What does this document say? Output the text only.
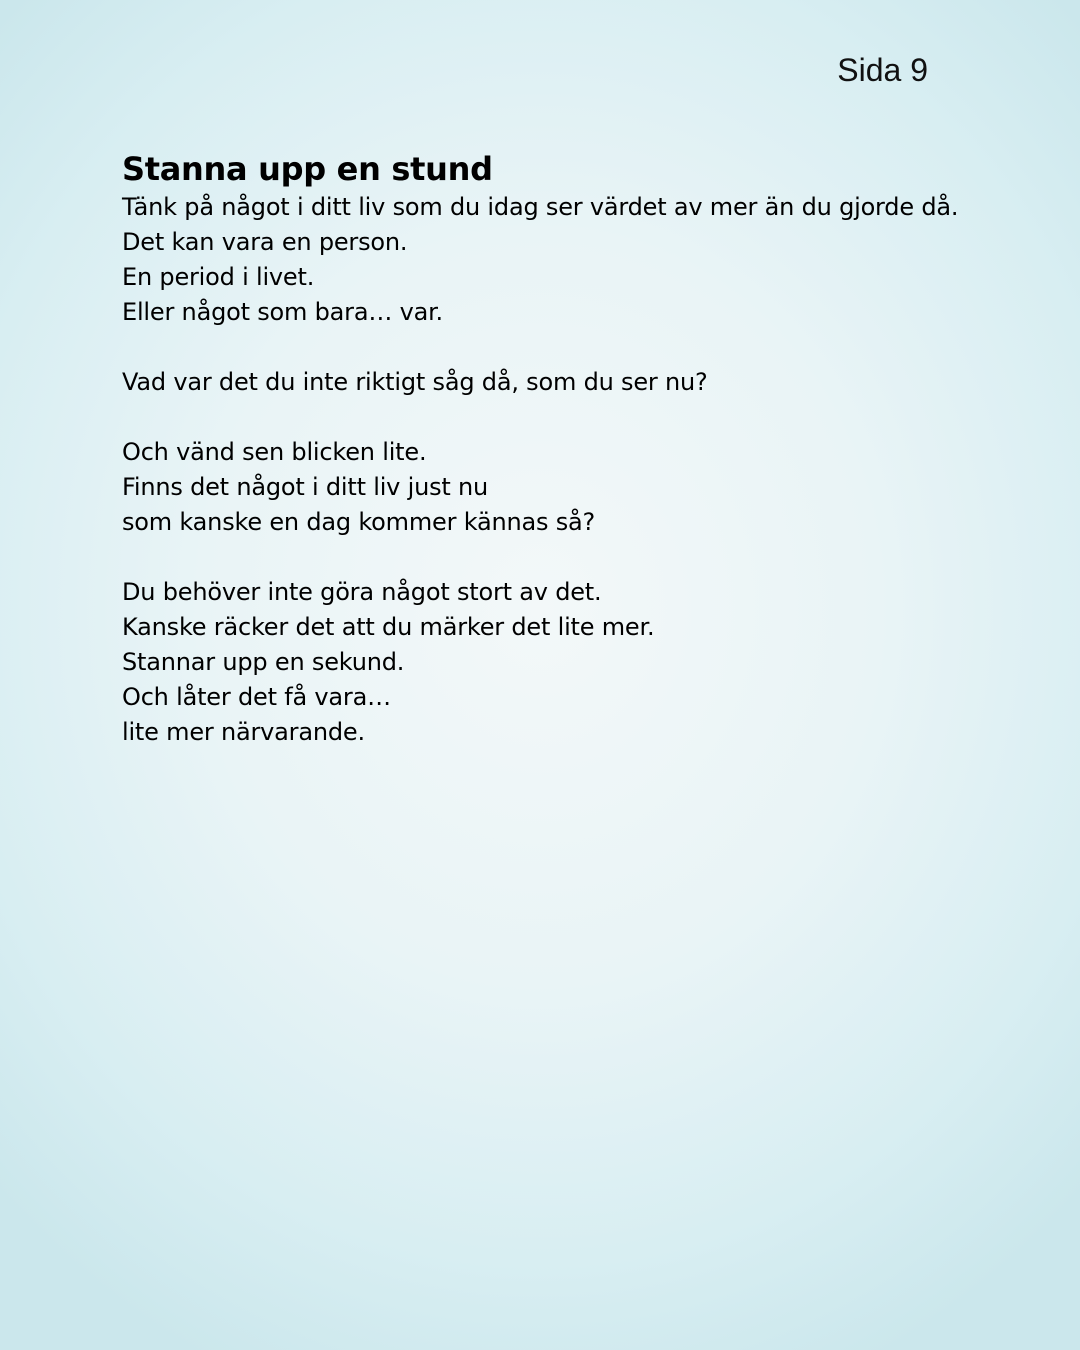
Sida 9
Stanna upp en stund
Tänk på något i ditt liv som du idag ser värdet av mer än du gjorde då.
Det kan vara en person.
En period i livet.
Eller något som bara… var.
Vad var det du inte riktigt såg då, som du ser nu?
Och vänd sen blicken lite.
Finns det något i ditt liv just nu
som kanske en dag kommer kännas så?
Du behöver inte göra något stort av det.
Kanske räcker det att du märker det lite mer.
Stannar upp en sekund.
Och låter det få vara…
lite mer närvarande.
